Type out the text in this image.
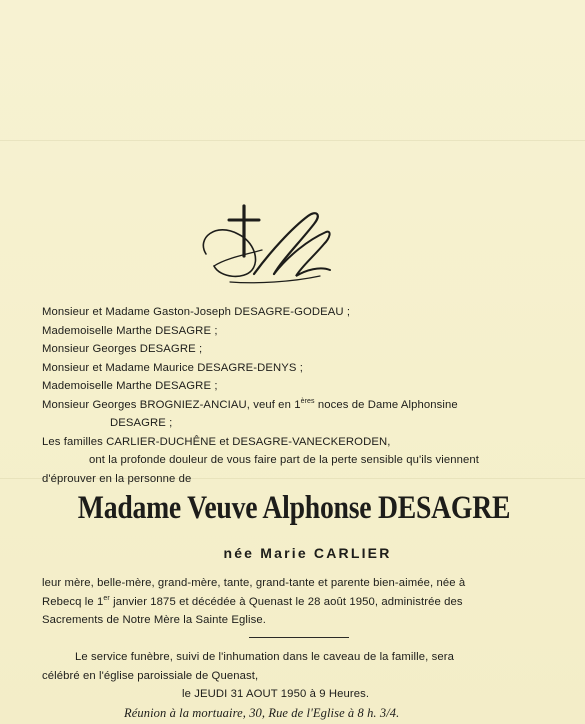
Monsieur et Madame Gaston-Joseph DESAGRE-GODEAU ;
Mademoiselle Marthe DESAGRE ;
Monsieur Georges DESAGRE ;
Monsieur et Madame Maurice DESAGRE-DENYS ;
Mademoiselle Marthe DESAGRE ;
Monsieur Georges BROGNIEZ-ANCIAU, veuf en 1ères noces de Dame Alphonsine
DESAGRE ;
Les familles CARLIER-DUCHÊNE et DESAGRE-VANECKERODEN,
ont la profonde douleur de vous faire part de la perte sensible qu'ils viennent
d'éprouver en la personne de
Madame Veuve Alphonse DESAGRE
née Marie CARLIER
leur mère, belle-mère, grand-mère, tante, grand-tante et parente bien-aimée, née à
Rebecq le 1er janvier 1875 et décédée à Quenast le 28 août 1950, administrée des
Sacrements de Notre Mère la Sainte Eglise.
Le service funèbre, suivi de l'inhumation dans le caveau de la famille, sera
célébré en l'église paroissiale de Quenast,
le JEUDI 31 AOUT 1950 à 9 Heures.
Réunion à la mortuaire, 30, Rue de l'Eglise à 8 h. 3/4.
